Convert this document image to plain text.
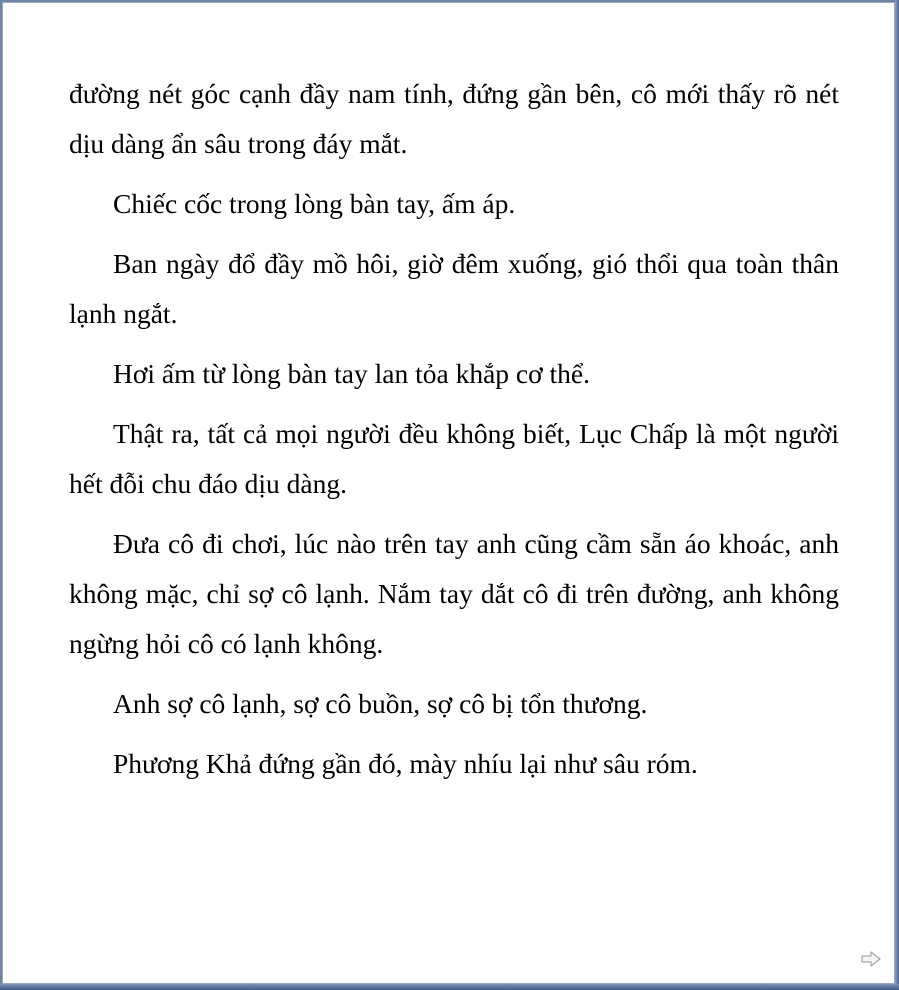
đường nét góc cạnh đầy nam tính, đứng gần bên, cô mới thấy rõ nét dịu dàng ẩn sâu trong đáy mắt.

Chiếc cốc trong lòng bàn tay, ấm áp.

Ban ngày đổ đầy mồ hôi, giờ đêm xuống, gió thổi qua toàn thân lạnh ngắt.

Hơi ấm từ lòng bàn tay lan tỏa khắp cơ thể.

Thật ra, tất cả mọi người đều không biết, Lục Chấp là một người hết đỗi chu đáo dịu dàng.

Đưa cô đi chơi, lúc nào trên tay anh cũng cầm sẵn áo khoác, anh không mặc, chỉ sợ cô lạnh. Nắm tay dắt cô đi trên đường, anh không ngừng hỏi cô có lạnh không.

Anh sợ cô lạnh, sợ cô buồn, sợ cô bị tổn thương.

Phương Khả đứng gần đó, mày nhíu lại như sâu róm.
